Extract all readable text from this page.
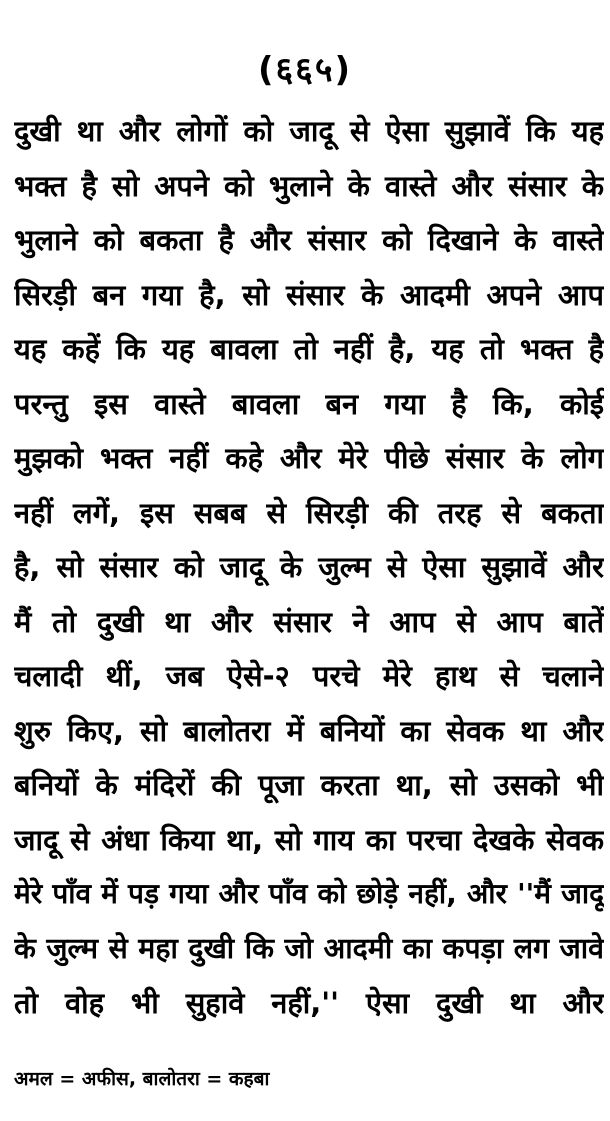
(६६५)
दुखी था और लोगों को जादू से ऐसा सुझावें कि यह
भक्त है सो अपने को भुलाने के वास्ते और संसार के
भुलाने को बकता है और संसार को दिखाने के वास्ते
सिरड़ी बन गया है, सो संसार के आदमी अपने आप
यह कहें कि यह बावला तो नहीं है, यह तो भक्त है
परन्तु इस वास्ते बावला बन गया है कि, कोई
मुझको भक्त नहीं कहे और मेरे पीछे संसार के लोग
नहीं लगें, इस सबब से सिरड़ी की तरह से बकता
है, सो संसार को जादू के जुल्म से ऐसा सुझावें और
मैं तो दुखी था और संसार ने आप से आप बातें
चलादी थीं, जब ऐसे-२ परचे मेरे हाथ से चलाने
शुरु किए, सो बालोतरा में बनियों का सेवक था और
बनियों के मंदिरों की पूजा करता था, सो उसको भी
जादू से अंधा किया था, सो गाय का परचा देखके सेवक
मेरे पाँव में पड़ गया और पाँव को छोड़े नहीं, और ''मैं जादू
के जुल्म से महा दुखी कि जो आदमी का कपड़ा लग जावे
तो वोह भी सुहावे नहीं,'' ऐसा दुखी था और
अमल = अफीस, बालोतरा = कहबा
